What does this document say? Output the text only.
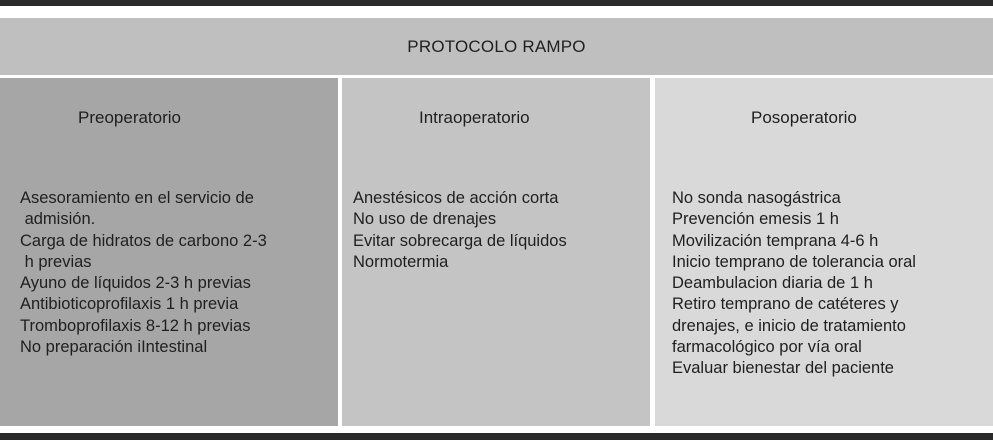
PROTOCOLO RAMPO
Preoperatorio
Asesoramiento en el servicio de
admisión.
Carga de hidratos de carbono 2-3
h previas
Ayuno de líquidos 2-3 h previas
Antibioticoprofilaxis 1 h previa
Tromboprofilaxis 8-12 h previas
No preparación iIntestinal
Intraoperatorio
Anestésicos de acción corta
No uso de drenajes
Evitar sobrecarga de líquidos
Normotermia
Posoperatorio
No sonda nasogástrica
Prevención emesis 1 h
Movilización temprana 4-6 h
Inicio temprano de tolerancia oral
Deambulacion diaria de 1 h
Retiro temprano de catéteres y
drenajes, e inicio de tratamiento
farmacológico por vía oral
Evaluar bienestar del paciente
